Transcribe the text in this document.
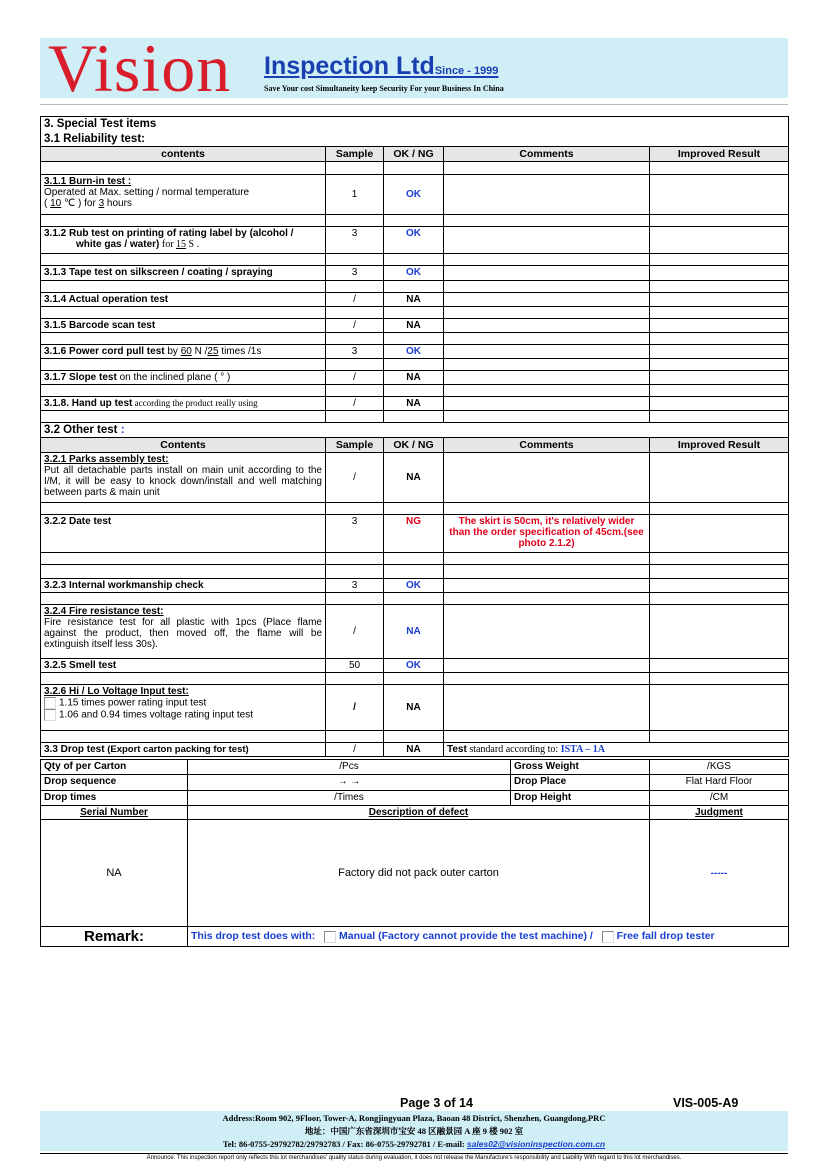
Vision Inspection LtdSince - 1999
Save Your cost Simultaneity keep Security For your Business In China
3. Special Test items				
3.1 Reliability test:				
contents	Sample	OK / NG	Comments	Improved Result

3.1.1 Burn-in test :
Operated at Max. setting / normal temperature
( 10 ℃ ) for 3 hours	1	OK		

3.1.2 Rub test on printing of rating label by (alcohol /
white gas / water) for 15 S .	3	OK		

3.1.3 Tape test on silkscreen / coating / spraying	3	OK		

3.1.4 Actual operation test	/	NA		

3.1.5 Barcode scan test	/	NA		

3.1.6 Power cord pull test by 60 N /25 times /1s	3	OK		

3.1.7 Slope test on the inclined plane ( ° )	/	NA		

3.1.8. Hand up test according the product really using	/	NA		

3.2 Other test :				
Contents	Sample	OK / NG	Comments	Improved Result

3.2.1 Parks assembly test:
Put all detachable parts install on main unit according to the I/M, it will be easy to knock down/install and well matching between parts & main unit	/	NA		

3.2.2 Date test	3	NG	The skirt is 50cm, it's relatively wider than the order specification of 45cm.(see photo 2.1.2)	

3.2.3 Internal workmanship check	3	OK		

3.2.4 Fire resistance test:
Fire resistance test for all plastic with 1pcs (Place flame against the product, then moved off, the flame will be extinguish itself less 30s).	/	NA		
3.2.5 Smell test	50	OK		

3.2.6 Hi / Lo Voltage Input test:
1.15 times power rating input test
1.06 and 0.94 times voltage rating input test	/	NA		

3.3 Drop test (Export carton packing for test)	/	NA	Test standard according to: ISTA – 1A	
Qty of per Carton	/Pcs	Gross Weight	/KGS
Drop sequence	→ →	Drop Place	Flat Hard Floor
Drop times	/Times	Drop Height	/CM
Serial Number	Description of defect	Judgment
NA	Factory did not pack outer carton	-----
Remark:	This drop test does with: Manual (Factory cannot provide the test machine) / Free fall drop tester	
Page 3 of 14	VIS-005-A9
Address:Room 902, 9Floor, Tower-A, Rongjingyuan Plaza, Baoan 48 District, Shenzhen, Guangdong,PRC
地址：中国广东省深圳市宝安 48 区融景园 A 座 9 楼 902 室
Tel: 86-0755-29792782/29792783 / Fax: 86-0755-29792781 / E-mail: sales02@visioninspection.com.cn
Announce: This inspection report only reflects this lot merchandises' quality status during evaluation, it does not release the Manufacture's responsibility and Liability With regard to this lot merchandises.
